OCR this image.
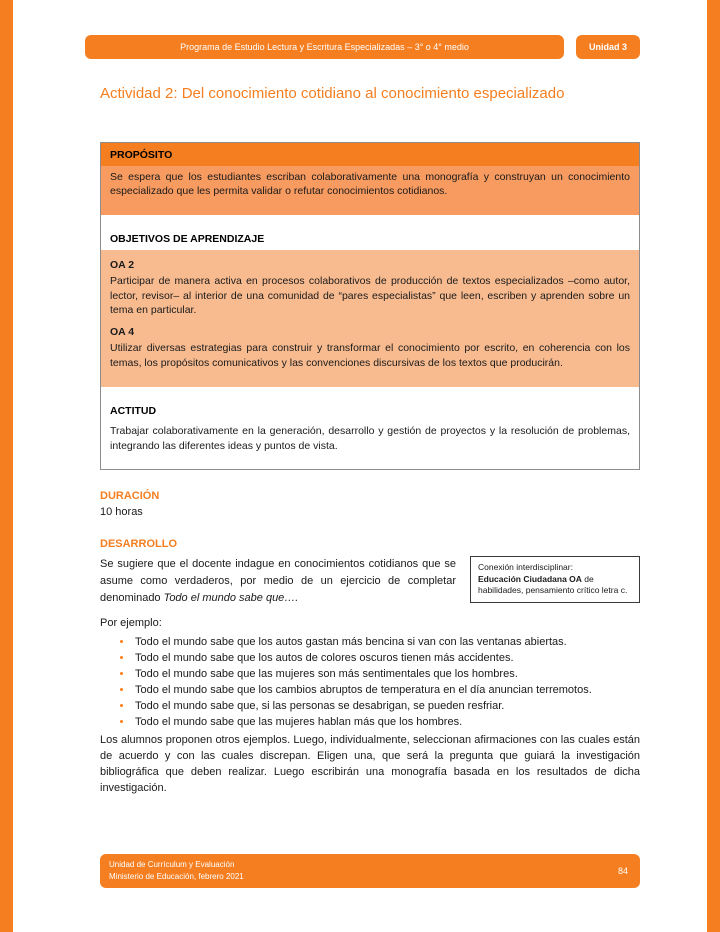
Programa de Estudio Lectura y Escritura Especializadas – 3° o 4° medio	Unidad 3
Actividad 2: Del conocimiento cotidiano al conocimiento especializado
PROPÓSITO
Se espera que los estudiantes escriban colaborativamente una monografía y construyan un conocimiento especializado que les permita validar o refutar conocimientos cotidianos.
OBJETIVOS DE APRENDIZAJE
OA 2

Participar de manera activa en procesos colaborativos de producción de textos especializados –como autor, lector, revisor– al interior de una comunidad de “pares especialistas” que leen, escriben y aprenden sobre un tema en particular.

OA 4

Utilizar diversas estrategias para construir y transformar el conocimiento por escrito, en coherencia con los temas, los propósitos comunicativos y las convenciones discursivas de los textos que producirán.

ACTITUD
Trabajar colaborativamente en la generación, desarrollo y gestión de proyectos y la resolución de problemas, integrando las diferentes ideas y puntos de vista.
DURACIÓN

10 horas

DESARROLLO

Se sugiere que el docente indague en conocimientos cotidianos que se asume como verdaderos, por medio de un ejercicio de completar denominado Todo el mundo sabe que….

Conexión interdisciplinar:
Educación Ciudadana OA de habilidades, pensamiento crítico letra c.

Por ejemplo:

• Todo el mundo sabe que los autos gastan más bencina si van con las ventanas abiertas.
• Todo el mundo sabe que los autos de colores oscuros tienen más accidentes.
• Todo el mundo sabe que las mujeres son más sentimentales que los hombres.
• Todo el mundo sabe que los cambios abruptos de temperatura en el día anuncian terremotos.
• Todo el mundo sabe que, si las personas se desabrigan, se pueden resfriar.
• Todo el mundo sabe que las mujeres hablan más que los hombres.

Los alumnos proponen otros ejemplos. Luego, individualmente, seleccionan afirmaciones con las cuales están de acuerdo y con las cuales discrepan. Eligen una, que será la pregunta que guiará la investigación bibliográfica que deben realizar. Luego escribirán una monografía basada en los resultados de dicha investigación.

Unidad de Currículum y Evaluación
Ministerio de Educación, febrero 2021
84
